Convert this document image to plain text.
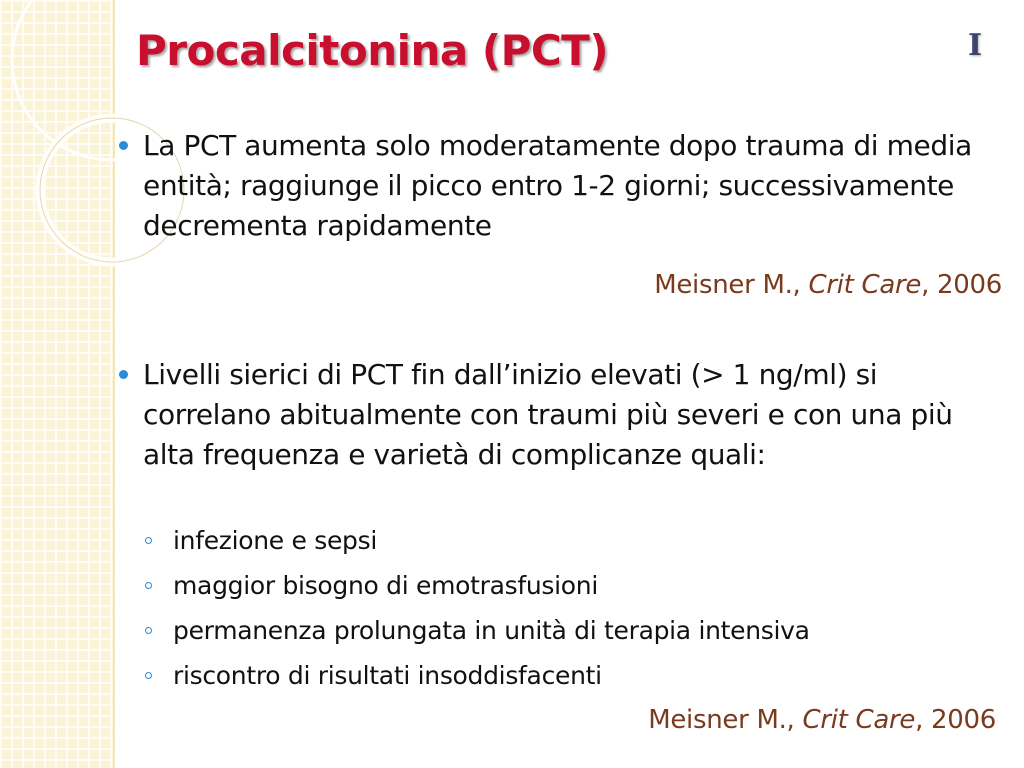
Procalcitonina (PCT)	I
La PCT aumenta solo moderatamente dopo trauma di media entità; raggiunge il picco entro 1-2 giorni; successivamente decrementa rapidamente
Meisner M., Crit Care, 2006
Livelli sierici di PCT fin dall’inizio elevati (> 1 ng/ml) si correlano abitualmente con traumi più severi e con una più alta frequenza e varietà di complicanze quali:
infezione e sepsi
maggior bisogno di emotrasfusioni
permanenza prolungata in unità di terapia intensiva
riscontro di risultati insoddisfacenti
Meisner M., Crit Care, 2006
